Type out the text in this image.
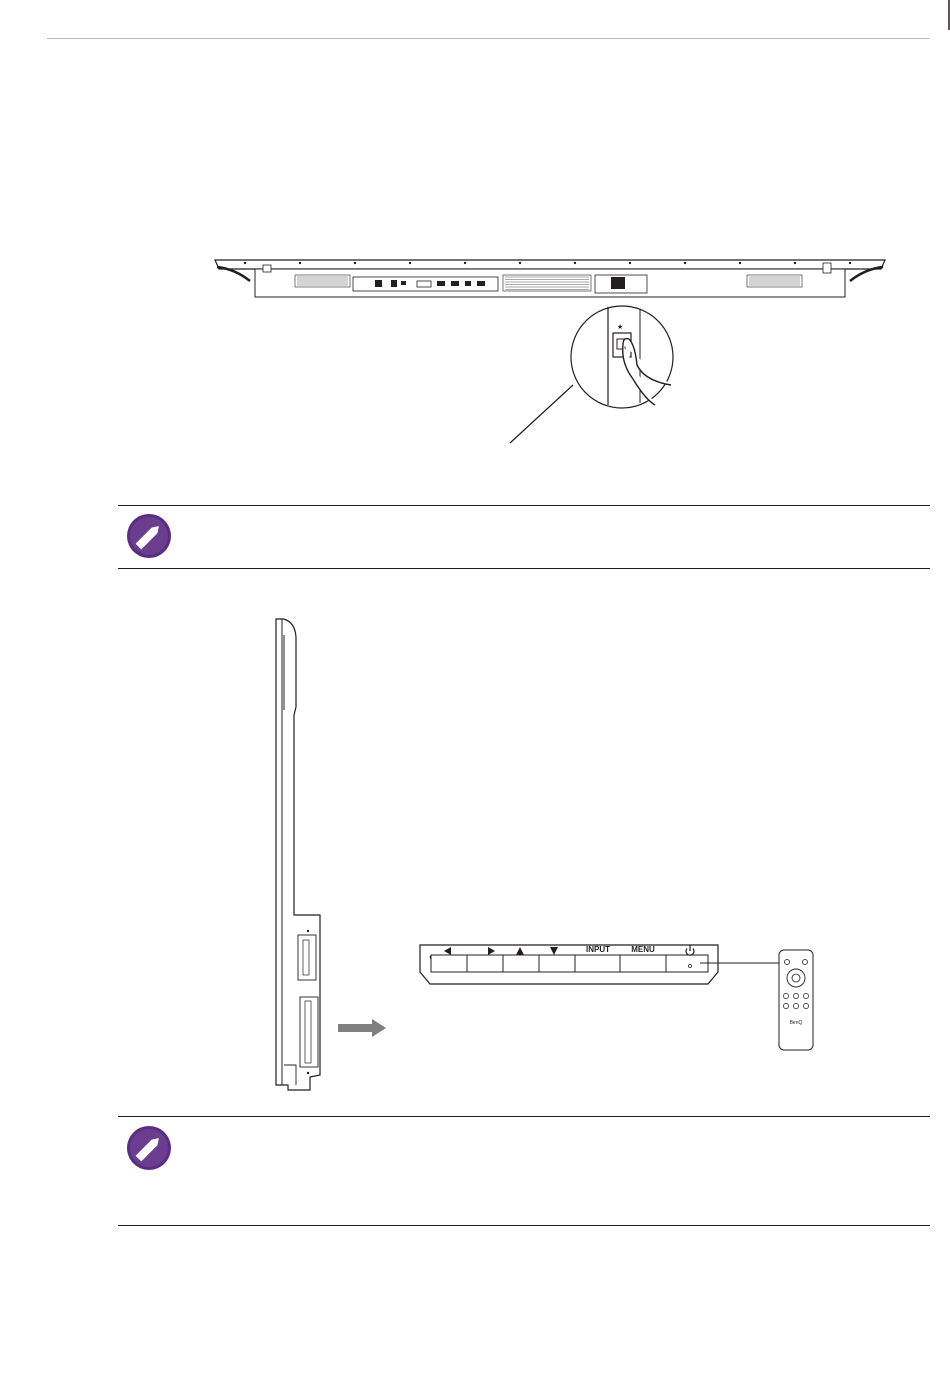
★
INPUT	MENU
BenQ
